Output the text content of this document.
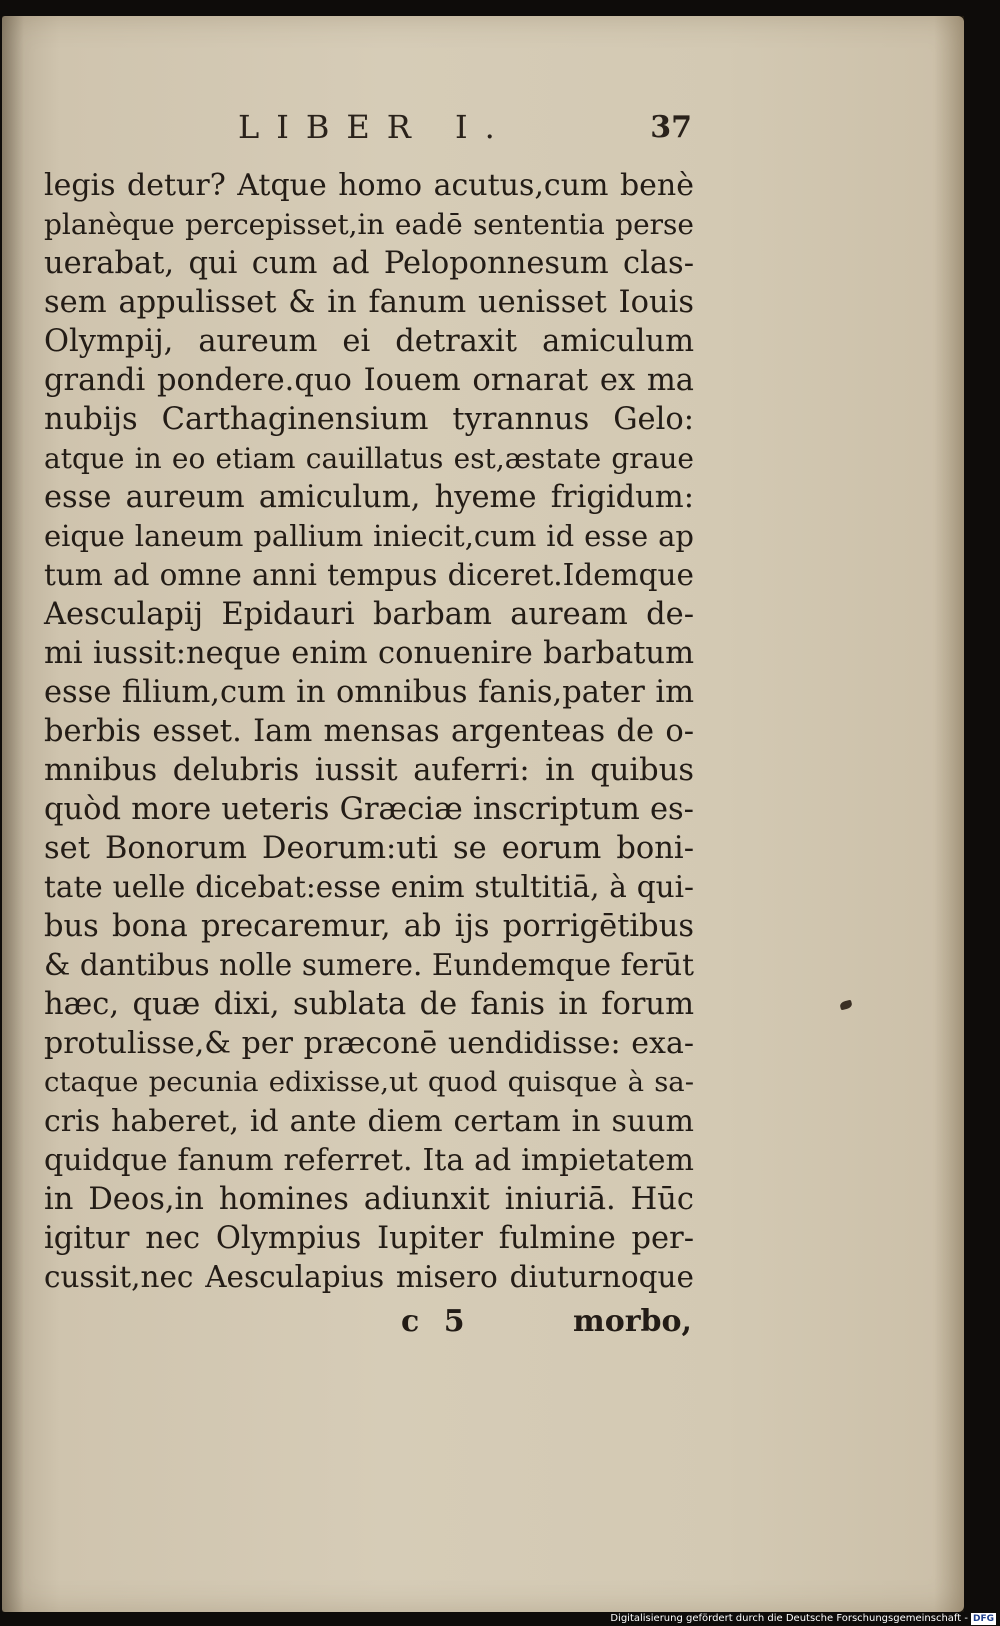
LIBER I.	37
legis detur? Atque homo acutus,cum benè
planèque percepisset,in eadē sententia perse
uerabat, qui cum ad Peloponnesum clas-
sem appulisset & in fanum uenisset Iouis
Olympij, aureum ei detraxit amiculum
grandi pondere.quo Iouem ornarat ex ma
nubijs Carthaginensium tyrannus Gelo:
atque in eo etiam cauillatus est,æstate graue
esse aureum amiculum, hyeme frigidum:
eique laneum pallium iniecit,cum id esse ap
tum ad omne anni tempus diceret.Idemque
Aesculapij Epidauri barbam auream de-
mi iussit:neque enim conuenire barbatum
esse filium,cum in omnibus fanis,pater im
berbis esset. Iam mensas argenteas de o-
mnibus delubris iussit auferri: in quibus
quòd more ueteris Græciæ inscriptum es-
set Bonorum Deorum:uti se eorum boni-
tate uelle dicebat:esse enim stultitiā, à qui-
bus bona precaremur, ab ijs porrigētibus
& dantibus nolle sumere. Eundemque ferūt
hæc, quæ dixi, sublata de fanis in forum
protulisse,& per præconē uendidisse: exa-
ctaque pecunia edixisse,ut quod quisque à sa-
cris haberet, id ante diem certam in suum
quidque fanum referret. Ita ad impietatem
in Deos,in homines adiunxit iniuriā. Hūc
igitur nec Olympius Iupiter fulmine per-
cussit,nec Aesculapius misero diuturnoque
c 5	morbo,
Digitalisierung gefördert durch die Deutsche Forschungsgemeinschaft - DFG
